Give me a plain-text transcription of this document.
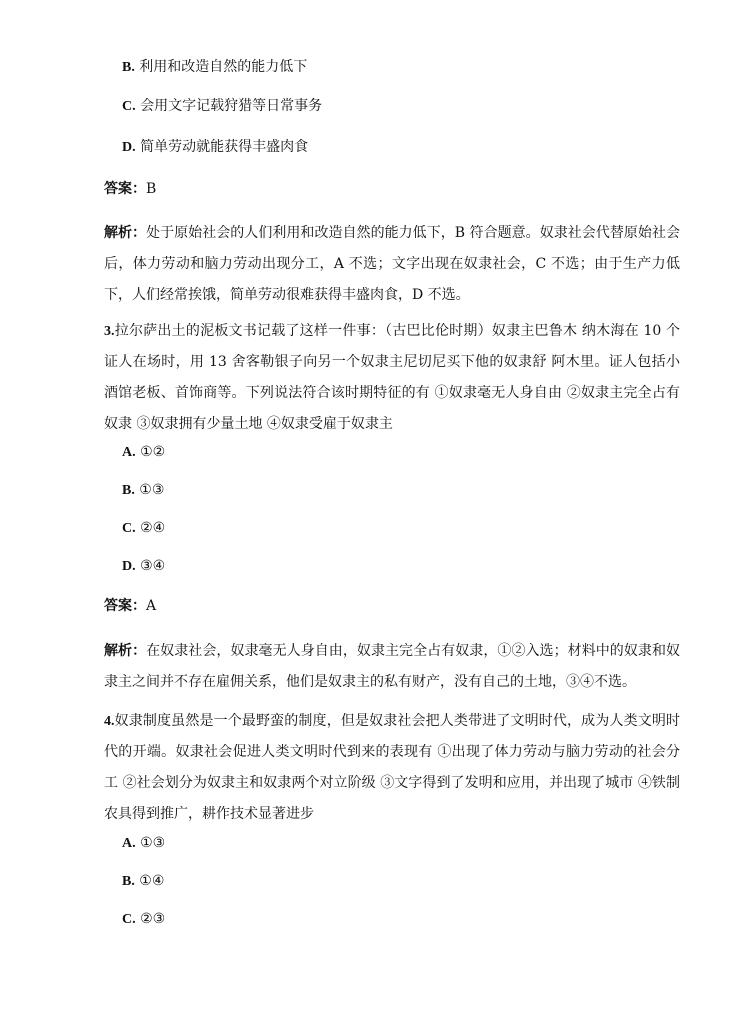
B. 利用和改造自然的能力低下
C. 会用文字记载狩猎等日常事务
D. 简单劳动就能获得丰盛肉食
答案：B
解析：处于原始社会的人们利用和改造自然的能力低下，B 符合题意。奴隶社会代替原始社会后，体力劳动和脑力劳动出现分工，A 不选；文字出现在奴隶社会，C 不选；由于生产力低下，人们经常挨饿，简单劳动很难获得丰盛肉食，D 不选。
3.拉尔萨出土的泥板文书记载了这样一件事：（古巴比伦时期）奴隶主巴鲁木 纳木海在 10 个证人在场时，用 13 舍客勒银子向另一个奴隶主尼切尼买下他的奴隶舒 阿木里。证人包括小酒馆老板、首饰商等。下列说法符合该时期特征的有 ①奴隶毫无人身自由 ②奴隶主完全占有奴隶 ③奴隶拥有少量土地 ④奴隶受雇于奴隶主
A. ①②
B. ①③
C. ②④
D. ③④
答案：A
解析：在奴隶社会，奴隶毫无人身自由，奴隶主完全占有奴隶，①②入选；材料中的奴隶和奴隶主之间并不存在雇佣关系，他们是奴隶主的私有财产，没有自己的土地，③④不选。
4.奴隶制度虽然是一个最野蛮的制度，但是奴隶社会把人类带进了文明时代，成为人类文明时代的开端。奴隶社会促进人类文明时代到来的表现有 ①出现了体力劳动与脑力劳动的社会分工 ②社会划分为奴隶主和奴隶两个对立阶级 ③文字得到了发明和应用，并出现了城市 ④铁制农具得到推广，耕作技术显著进步
A. ①③
B. ①④
C. ②③
